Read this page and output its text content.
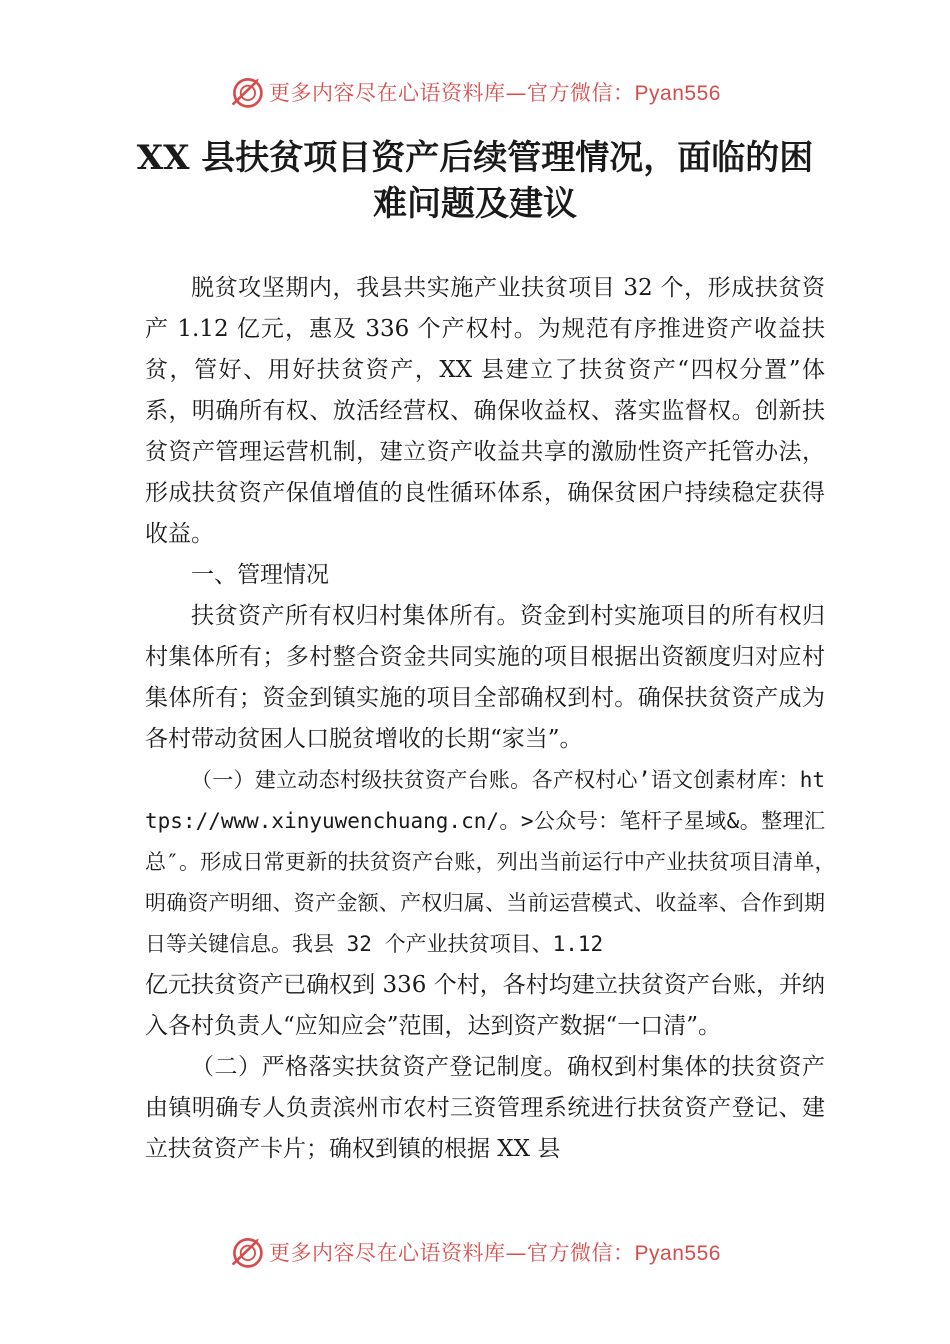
更多内容尽在心语资料库—官方微信：Pyan556
XX 县扶贫项目资产后续管理情况，面临的困难问题及建议

脱贫攻坚期内，我县共实施产业扶贫项目 32 个，形成扶贫资产 1.12 亿元，惠及 336 个产权村。为规范有序推进资产收益扶贫，管好、用好扶贫资产，XX 县建立了扶贫资产“四权分置”体系，明确所有权、放活经营权、确保收益权、落实监督权。创新扶贫资产管理运营机制，建立资产收益共享的激励性资产托管办法，形成扶贫资产保值增值的良性循环体系，确保贫困户持续稳定获得收益。

一、管理情况

扶贫资产所有权归村集体所有。资金到村实施项目的所有权归村集体所有；多村整合资金共同实施的项目根据出资额度归对应村集体所有；资金到镇实施的项目全部确权到村。确保扶贫资产成为各村带动贫困人口脱贫增收的长期“家当”。

（一）建立动态村级扶贫资产台账。各产权村心’语文创素材库：https://www.xinyuwenchuang.cn/。>公众号：笔杆子星域&。整理汇总″。形成日常更新的扶贫资产台账，列出当前运行中产业扶贫项目清单，　明确资产明细、资产金额、产权归属、当前运营模式、收益率、合作到期日等关键信息。我县 32 个产业扶贫项目、1.12

亿元扶贫资产已确权到 336 个村，各村均建立扶贫资产台账，并纳入各村负责人“应知应会”范围，达到资产数据“一口清”。

（二）严格落实扶贫资产登记制度。确权到村集体的扶贫资产由镇明确专人负责滨州市农村三资管理系统进行扶贫资产登记、建立扶贫资产卡片；确权到镇的根据 XX 县

更多内容尽在心语资料库—官方微信：Pyan556
